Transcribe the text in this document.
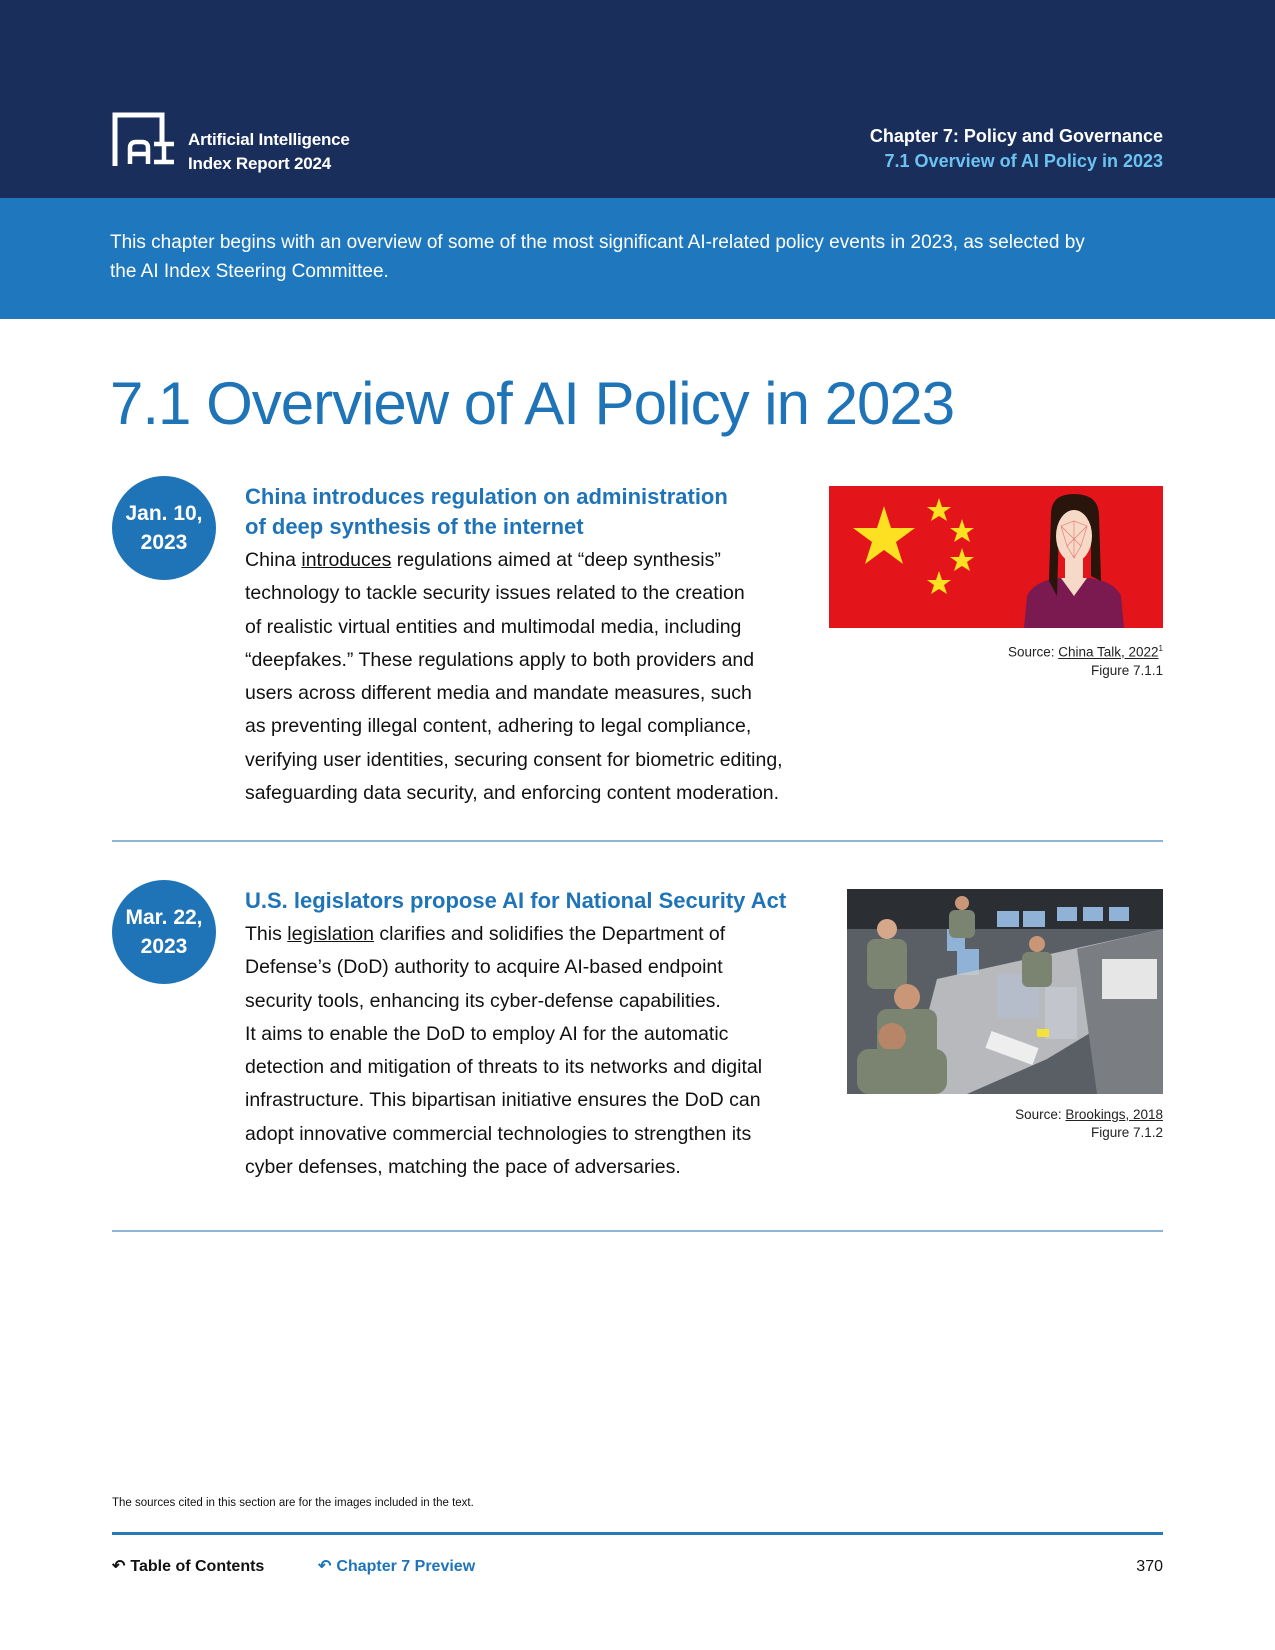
Artificial Intelligence
Index Report 2024
Chapter 7: Policy and Governance
7.1 Overview of AI Policy in 2023
This chapter begins with an overview of some of the most significant AI-related policy events in 2023, as selected by
the AI Index Steering Committee.
7.1 Overview of AI Policy in 2023
Jan. 10,
2023
China introduces regulation on administration
of deep synthesis of the internet
China introduces regulations aimed at “deep synthesis”
technology to tackle security issues related to the creation
of realistic virtual entities and multimodal media, including
“deepfakes.” These regulations apply to both providers and
users across different media and mandate measures, such
as preventing illegal content, adhering to legal compliance,
verifying user identities, securing consent for biometric editing,
safeguarding data security, and enforcing content moderation.
Source: China Talk, 2022$^1$
Figure 7.1.1
Mar. 22,
2023
U.S. legislators propose AI for National Security Act
This legislation clarifies and solidifies the Department of
Defense’s (DoD) authority to acquire AI-based endpoint
security tools, enhancing its cyber-defense capabilities.
It aims to enable the DoD to employ AI for the automatic
detection and mitigation of threats to its networks and digital
infrastructure. This bipartisan initiative ensures the DoD can
adopt innovative commercial technologies to strengthen its
cyber defenses, matching the pace of adversaries.
Source: Brookings, 2018
Figure 7.1.2
The sources cited in this section are for the images included in the text.
↶ Table of Contents	↶ Chapter 7 Preview	370
